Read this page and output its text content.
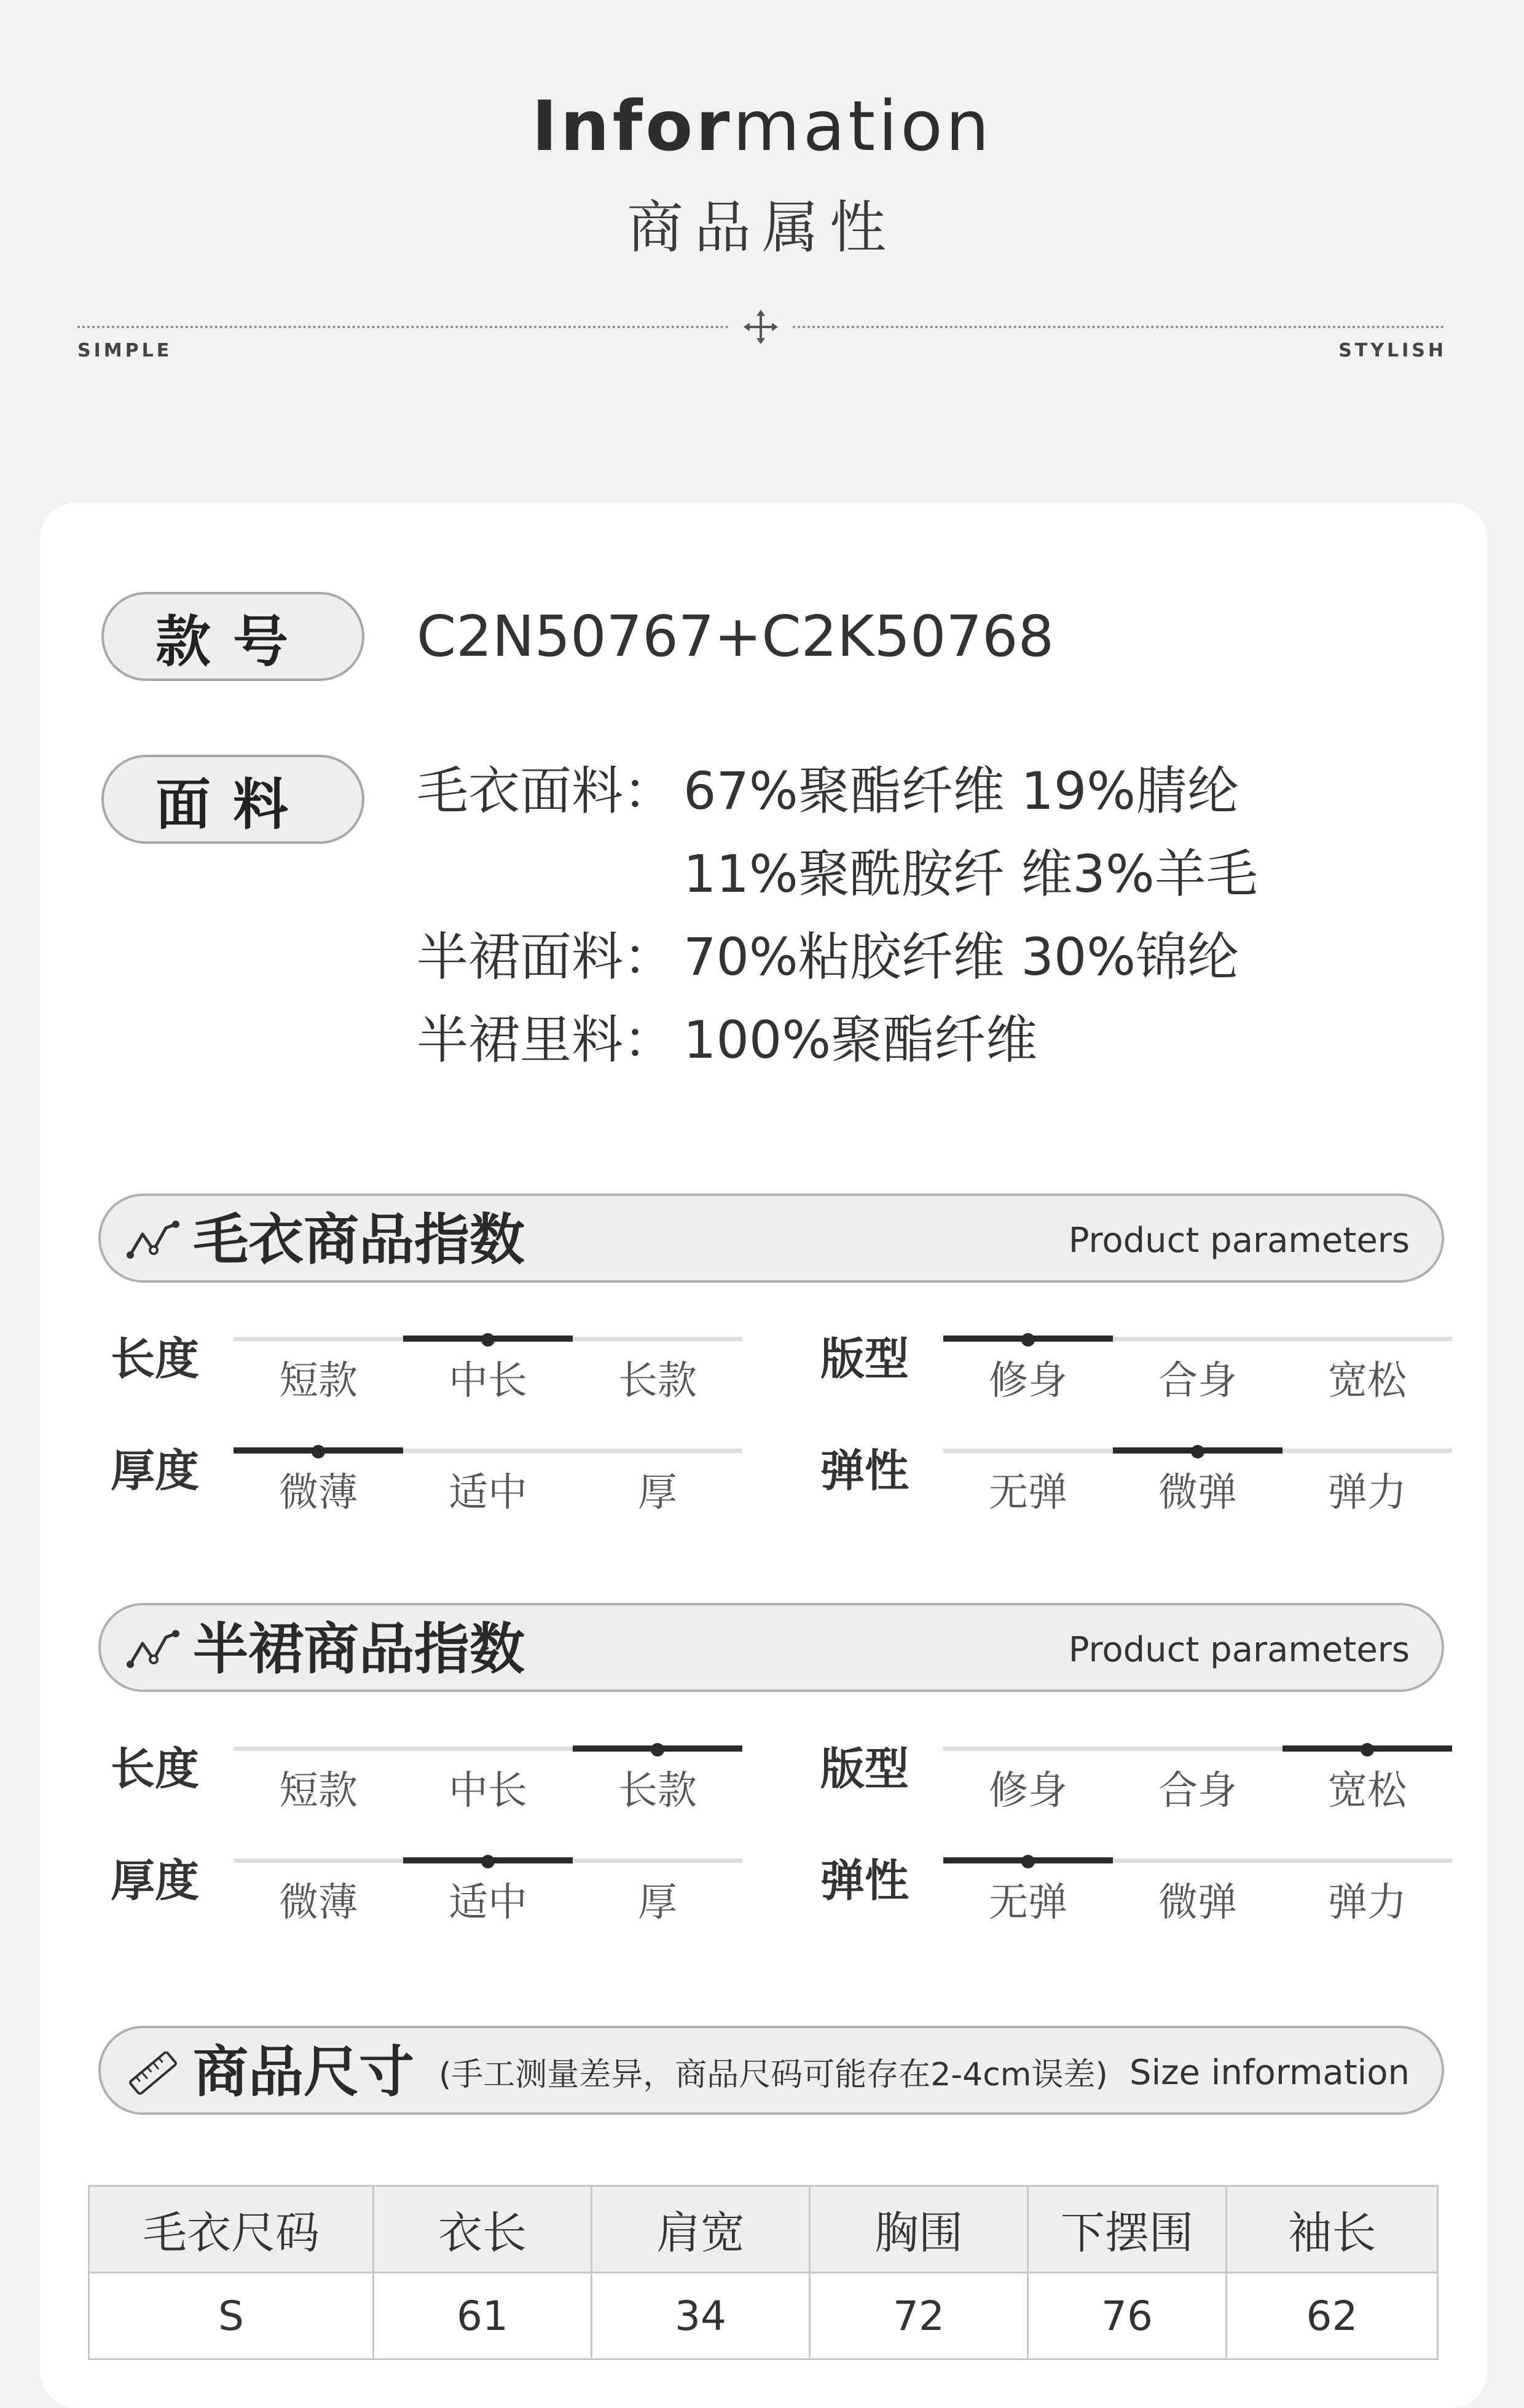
Information
商品属性
SIMPLE	STYLISH
款号	C2N50767+C2K50768
面料	毛衣面料： 67%聚酯纤维 19%腈纶
11%聚酰胺纤 维3%羊毛
半裙面料： 70%粘胶纤维 30%锦纶
半裙里料： 100%聚酯纤维
毛衣商品指数	Product parameters
长度	短款	中长	长款	版型	修身	合身	宽松
厚度	微薄	适中	厚	弹性	无弹	微弹	弹力
半裙商品指数	Product parameters
长度	短款	中长	长款	版型	修身	合身	宽松
厚度	微薄	适中	厚	弹性	无弹	微弹	弹力
商品尺寸 (手工测量差异，商品尺码可能存在2-4cm误差) Size information
毛衣尺码	衣长	肩宽	胸围	下摆围	袖长
S	61	34	72	76	62
